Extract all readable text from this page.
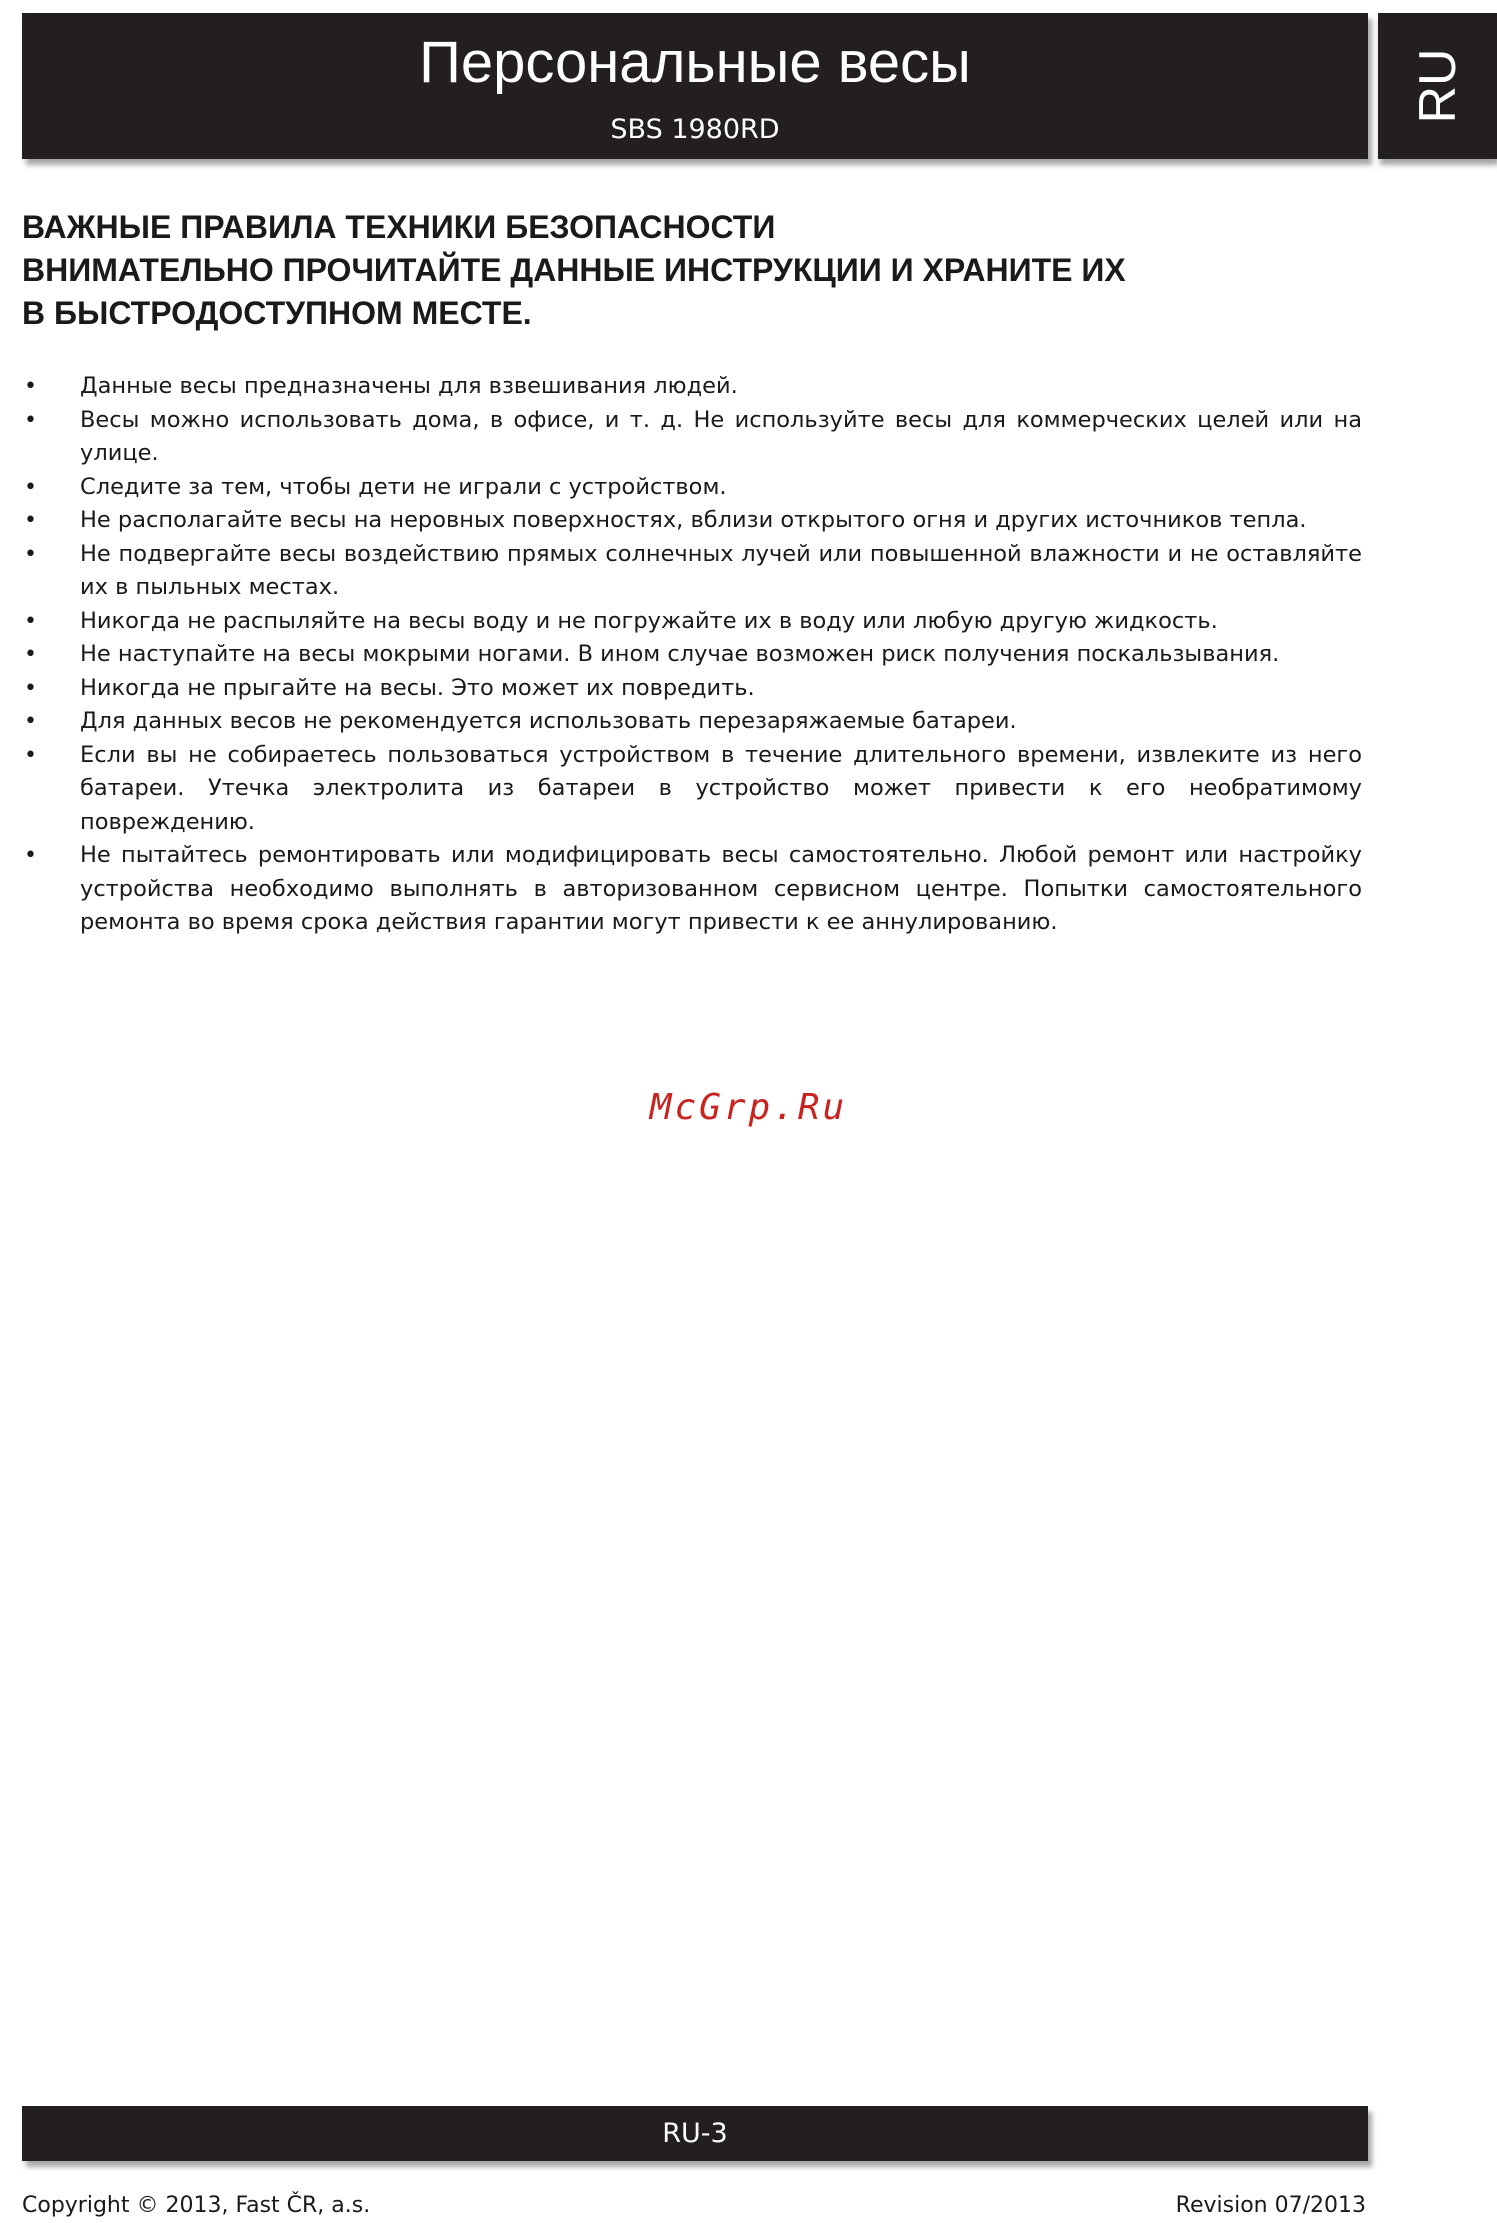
Персональные весы
SBS 1980RD
RU
ВАЖНЫЕ ПРАВИЛА ТЕХНИКИ БЕЗОПАСНОСТИ
ВНИМАТЕЛЬНО ПРОЧИТАЙТЕ ДАННЫЕ ИНСТРУКЦИИ И ХРАНИТЕ ИХ
В БЫСТРОДОСТУПНОМ МЕСТЕ.
•	Данные весы предназначены для взвешивания людей.
•	Весы можно использовать дома, в офисе, и т. д. Не используйте весы для коммерческих целей или на улице.
•	Следите за тем, чтобы дети не играли с устройством.
•	Не располагайте весы на неровных поверхностях, вблизи открытого огня и других источников тепла.
•	Не подвергайте весы воздействию прямых солнечных лучей или повышенной влажности и не оставляйте их в пыльных местах.
•	Никогда не распыляйте на весы воду и не погружайте их в воду или любую другую жидкость.
•	Не наступайте на весы мокрыми ногами. В ином случае возможен риск получения поскальзывания.
•	Никогда не прыгайте на весы. Это может их повредить.
•	Для данных весов не рекомендуется использовать перезаряжаемые батареи.
•	Если вы не собираетесь пользоваться устройством в течение длительного времени, извлеките из него батареи. Утечка электролита из батареи в устройство может привести к его необратимому повреждению.
•	Не пытайтесь ремонтировать или модифицировать весы самостоятельно. Любой ремонт или настройку устройства необходимо выполнять в авторизованном сервисном центре. Попытки самостоятельного ремонта во время срока действия гарантии могут привести к ее аннулированию.
McGrp.Ru
RU-3
Copyright © 2013, Fast ČR, a.s.	Revision 07/2013
